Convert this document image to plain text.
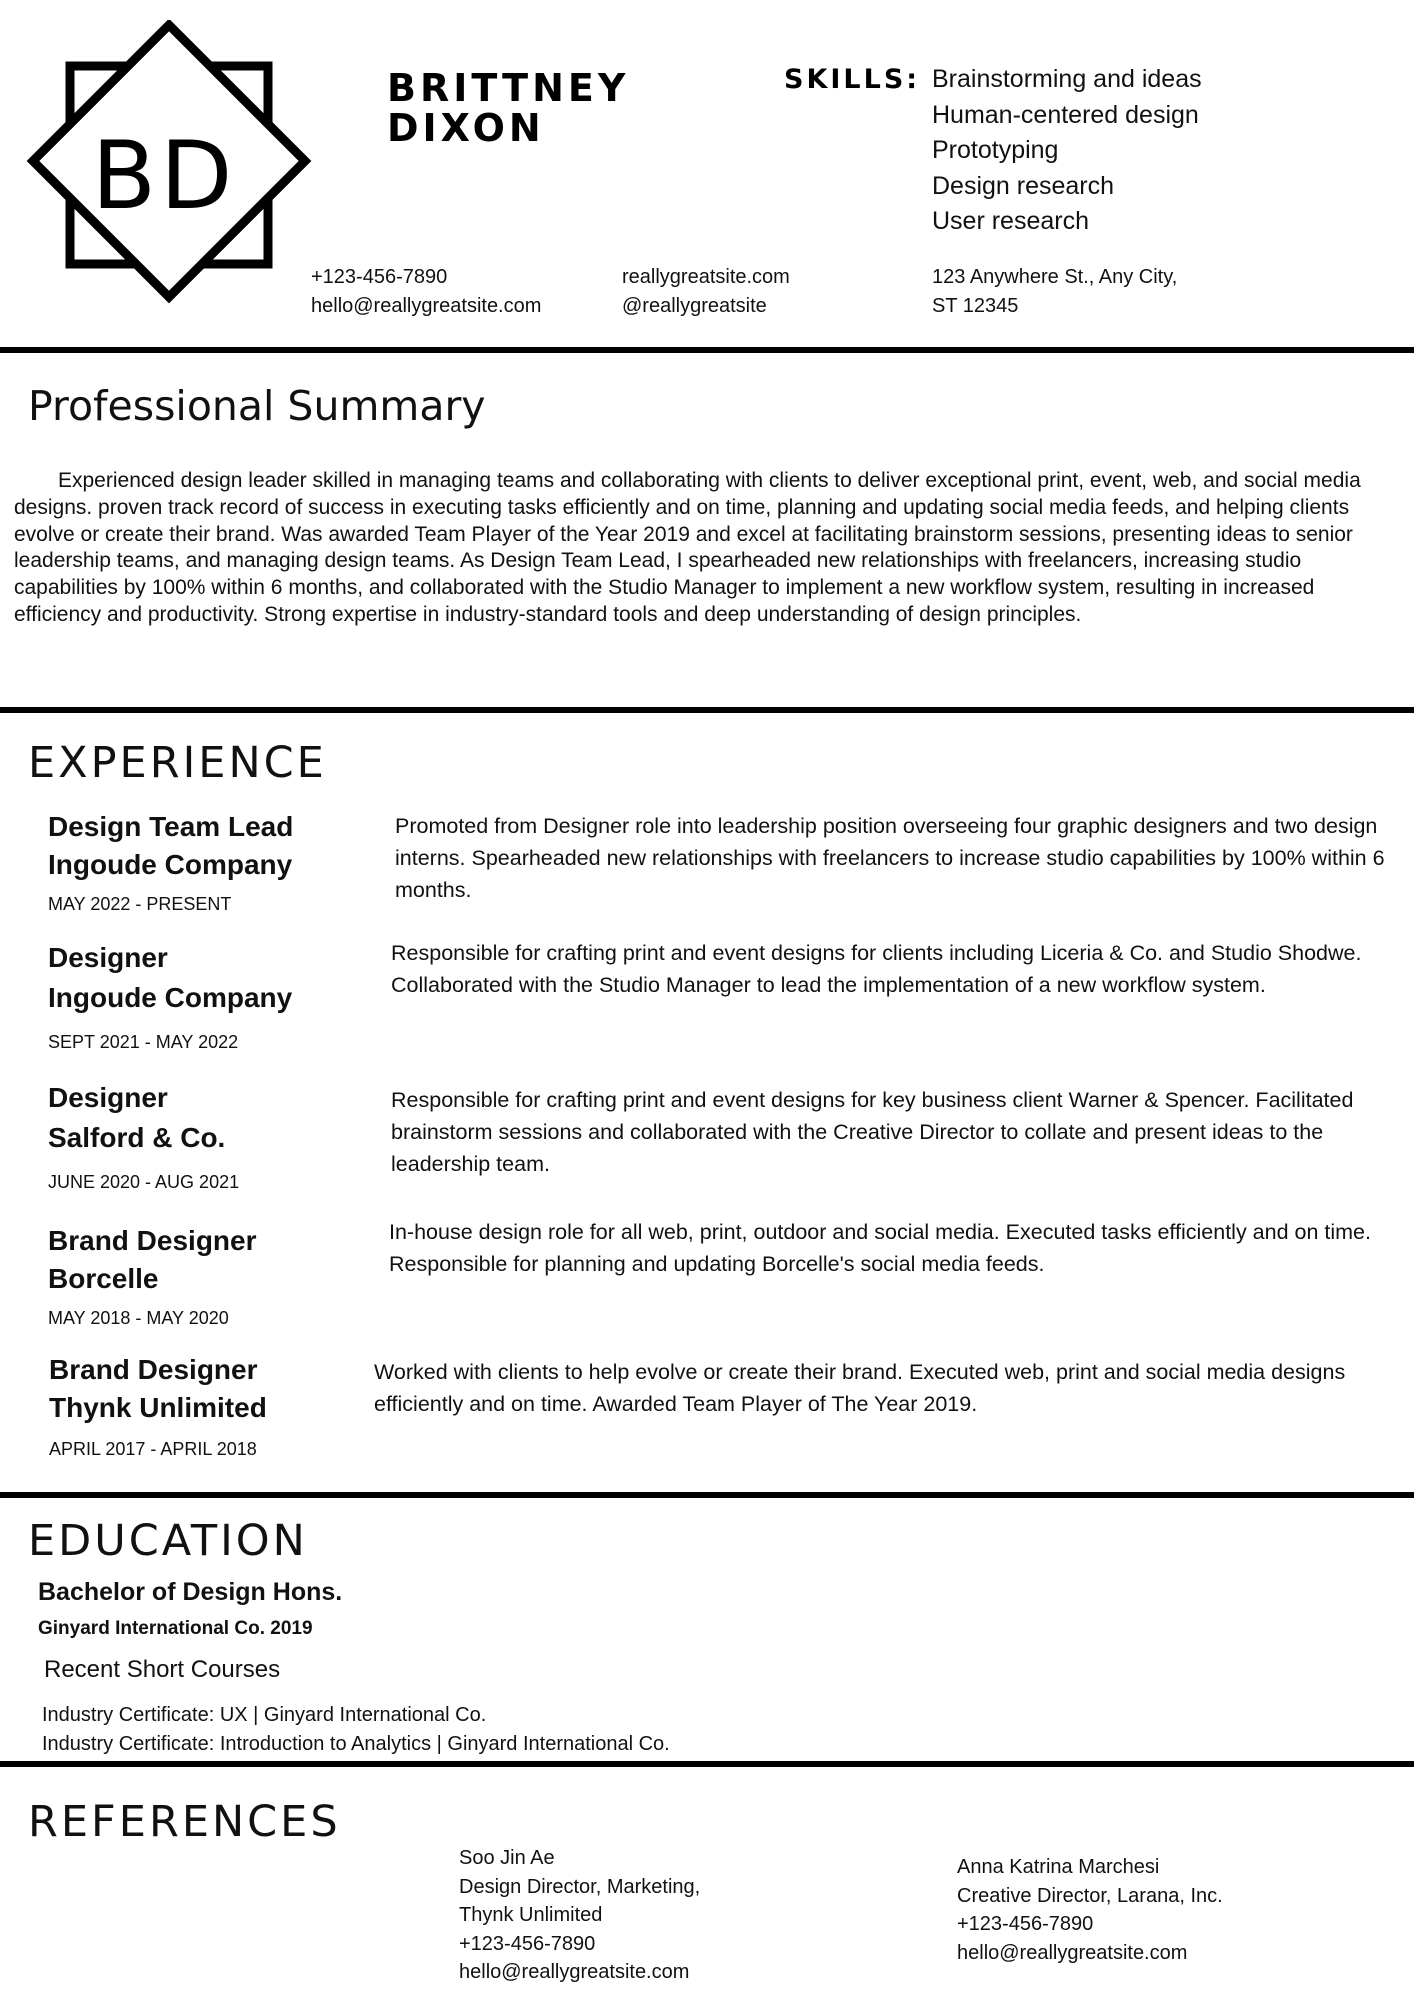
BD
BRITTNEY
DIXON
SKILLS: Brainstorming and ideas
Human-centered design
Prototyping
Design research
User research
+123-456-7890
hello@reallygreatsite.com
reallygreatsite.com
@reallygreatsite
123 Anywhere St., Any City,
ST 12345
Professional Summary

Experienced design leader skilled in managing teams and collaborating with clients to deliver exceptional print, event, web, and social media designs. proven track record of success in executing tasks efficiently and on time, planning and updating social media feeds, and helping clients evolve or create their brand. Was awarded Team Player of the Year 2019 and excel at facilitating brainstorm sessions, presenting ideas to senior leadership teams, and managing design teams. As Design Team Lead, I spearheaded new relationships with freelancers, increasing studio capabilities by 100% within 6 months, and collaborated with the Studio Manager to implement a new workflow system, resulting in increased efficiency and productivity. Strong expertise in industry-standard tools and deep understanding of design principles.

EXPERIENCE
Design Team Lead
Ingoude Company
MAY 2022 - PRESENT
Promoted from Designer role into leadership position overseeing four graphic designers and two design interns. Spearheaded new relationships with freelancers to increase studio capabilities by 100% within 6 months.
Designer
Ingoude Company
SEPT 2021 - MAY 2022
Responsible for crafting print and event designs for clients including Liceria & Co. and Studio Shodwe. Collaborated with the Studio Manager to lead the implementation of a new workflow system.
Designer
Salford & Co.
JUNE 2020 - AUG 2021
Responsible for crafting print and event designs for key business client Warner & Spencer. Facilitated brainstorm sessions and collaborated with the Creative Director to collate and present ideas to the leadership team.
Brand Designer
Borcelle
MAY 2018 - MAY 2020
In-house design role for all web, print, outdoor and social media. Executed tasks efficiently and on time. Responsible for planning and updating Borcelle's social media feeds.
Brand Designer
Thynk Unlimited
APRIL 2017 - APRIL 2018
Worked with clients to help evolve or create their brand. Executed web, print and social media designs efficiently and on time. Awarded Team Player of The Year 2019.
EDUCATION
Bachelor of Design Hons.
Ginyard International Co. 2019
Recent Short Courses
Industry Certificate: UX | Ginyard International Co.
Industry Certificate: Introduction to Analytics | Ginyard International Co.
REFERENCES
Soo Jin Ae
Design Director, Marketing,
Thynk Unlimited
+123-456-7890
hello@reallygreatsite.com
Anna Katrina Marchesi
Creative Director, Larana, Inc.
+123-456-7890
hello@reallygreatsite.com
